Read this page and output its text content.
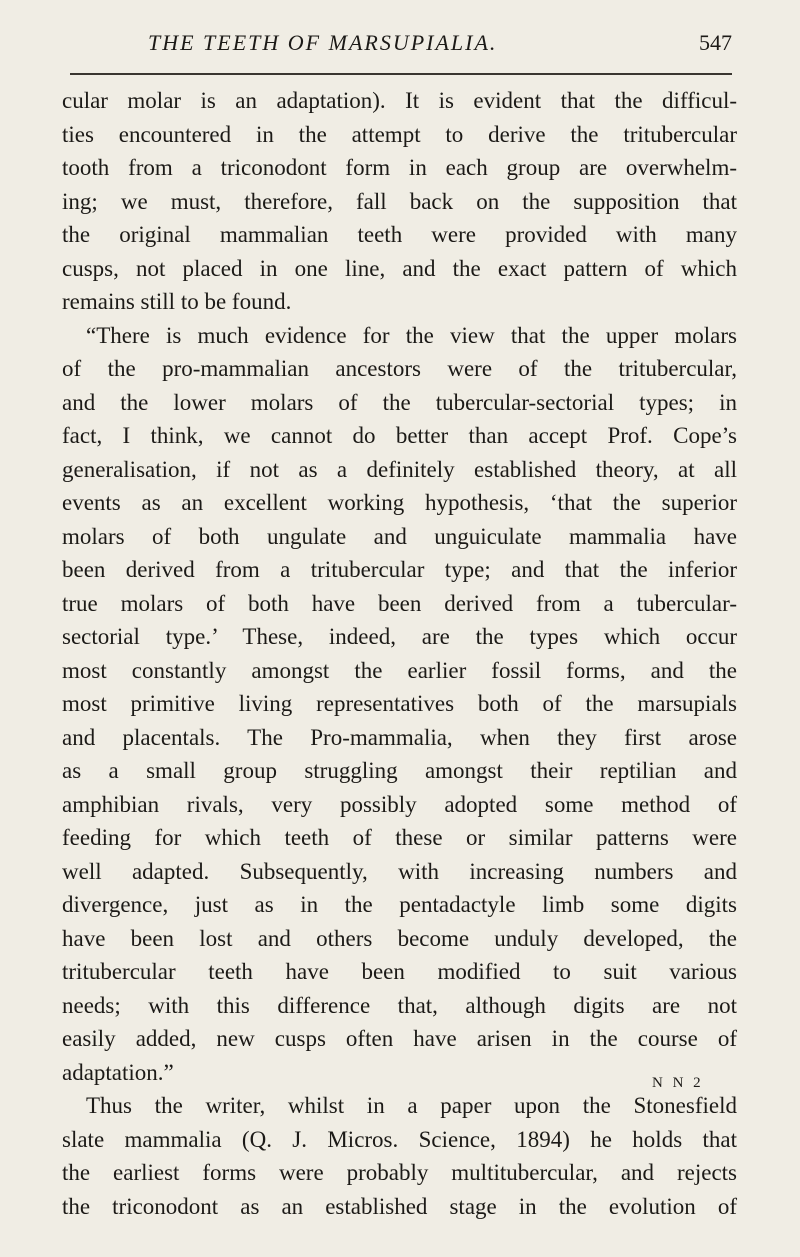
THE TEETH OF MARSUPIALIA.	547
cular molar is an adaptation). It is evident that the difficul-
ties encountered in the attempt to derive the tritubercular
tooth from a triconodont form in each group are overwhelm-
ing; we must, therefore, fall back on the supposition that
the original mammalian teeth were provided with many
cusps, not placed in one line, and the exact pattern of which
remains still to be found.
“There is much evidence for the view that the upper molars
of the pro-mammalian ancestors were of the tritubercular,
and the lower molars of the tubercular-sectorial types; in
fact, I think, we cannot do better than accept Prof. Cope’s
generalisation, if not as a definitely established theory, at all
events as an excellent working hypothesis, ‘that the superior
molars of both ungulate and unguiculate mammalia have
been derived from a tritubercular type; and that the inferior
true molars of both have been derived from a tubercular-
sectorial type.’ These, indeed, are the types which occur
most constantly amongst the earlier fossil forms, and the
most primitive living representatives both of the marsupials
and placentals. The Pro-mammalia, when they first arose
as a small group struggling amongst their reptilian and
amphibian rivals, very possibly adopted some method of
feeding for which teeth of these or similar patterns were
well adapted. Subsequently, with increasing numbers and
divergence, just as in the pentadactyle limb some digits
have been lost and others become unduly developed, the
tritubercular teeth have been modified to suit various
needs; with this difference that, although digits are not
easily added, new cusps often have arisen in the course of
adaptation.”
Thus the writer, whilst in a paper upon the Stonesfield
slate mammalia (Q. J. Micros. Science, 1894) he holds that
the earliest forms were probably multitubercular, and rejects
the triconodont as an established stage in the evolution of
N N 2
